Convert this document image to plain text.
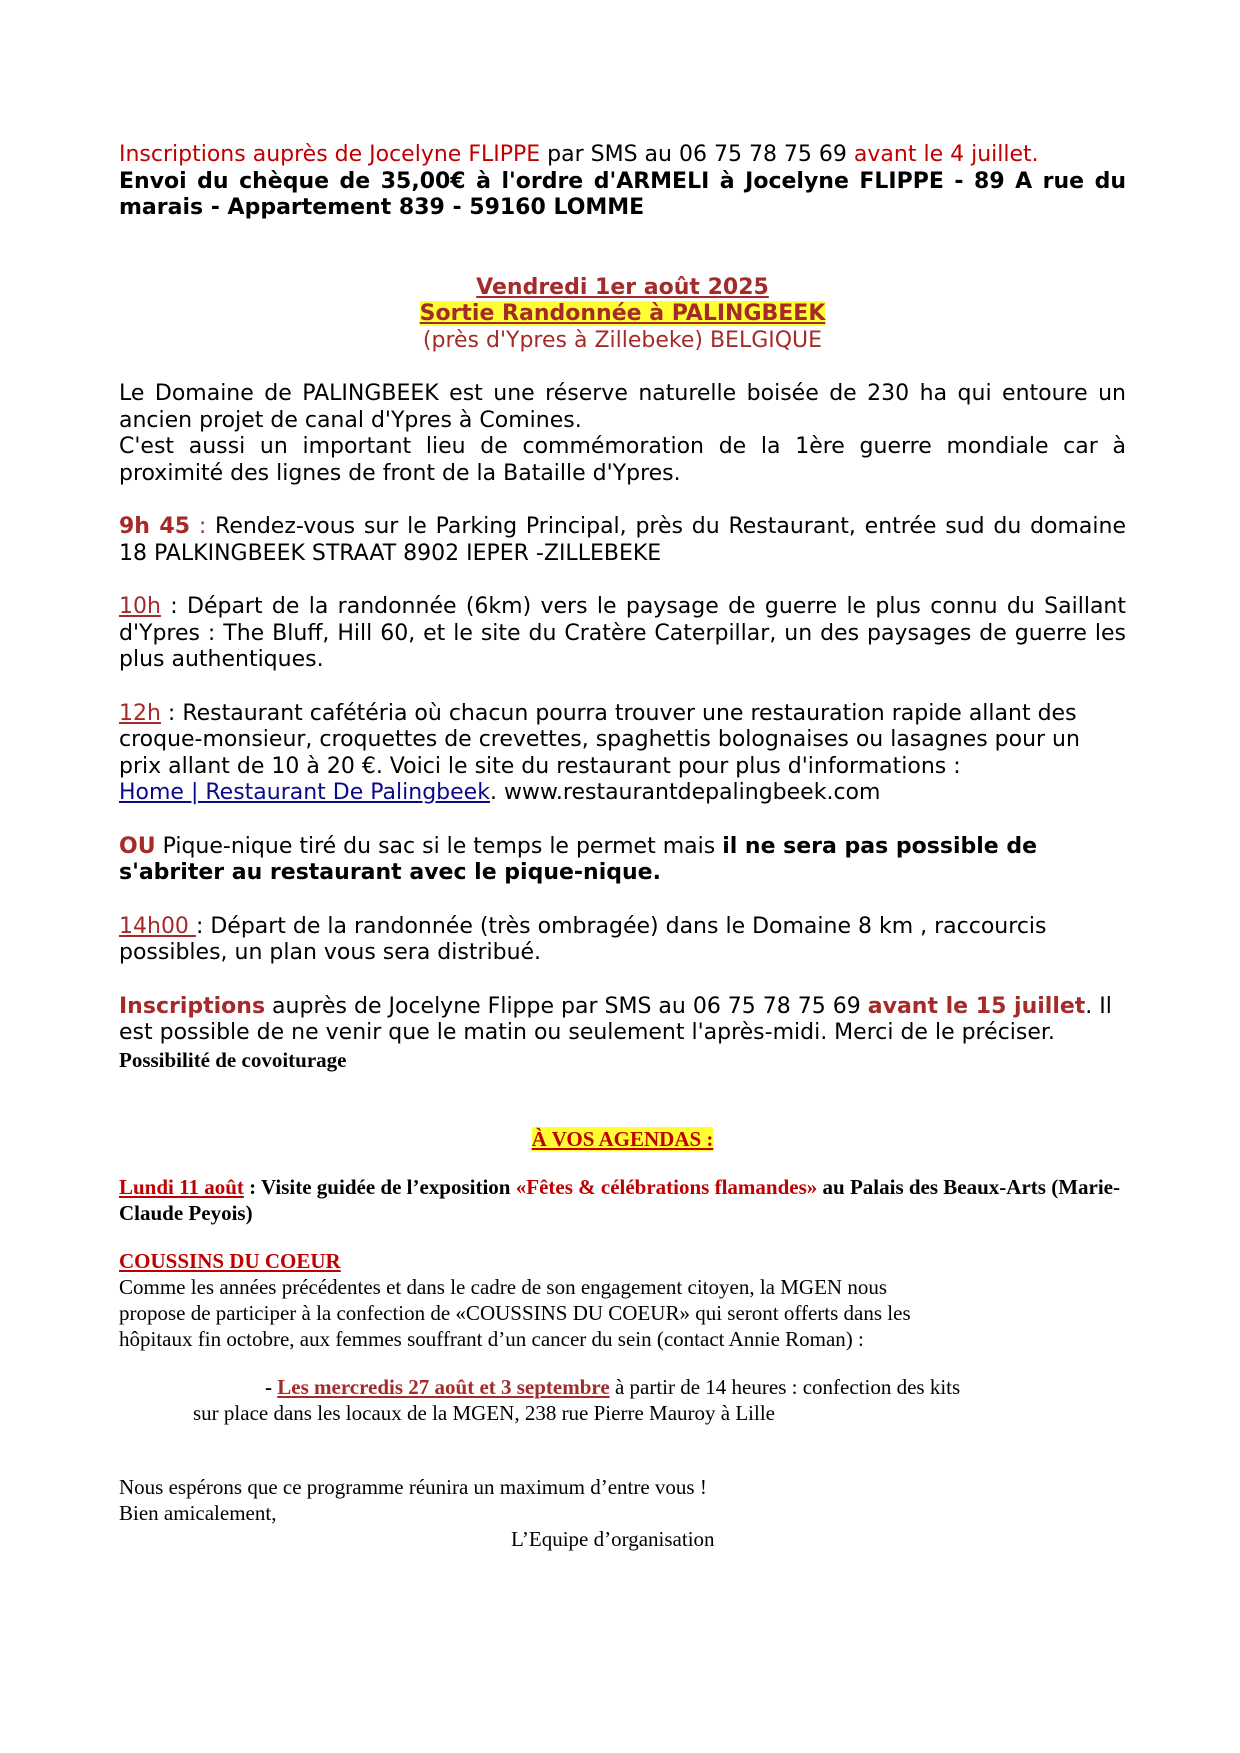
Inscriptions auprès de Jocelyne FLIPPE par SMS au 06 75 78 75 69 avant le 4 juillet.

Envoi du chèque de 35,00€ à l'ordre d'ARMELI à Jocelyne FLIPPE - 89 A rue du marais - Appartement 839 - 59160 LOMME

Vendredi 1er août 2025

Sortie Randonnée à PALINGBEEK

(près d'Ypres à Zillebeke) BELGIQUE

Le Domaine de PALINGBEEK est une réserve naturelle boisée de 230 ha qui entoure un ancien projet de canal d'Ypres à Comines.

C'est aussi un important lieu de commémoration de la 1ère guerre mondiale car à proximité des lignes de front de la Bataille d'Ypres.

9h 45 : Rendez-vous sur le Parking Principal, près du Restaurant, entrée sud du domaine 18 PALKINGBEEK STRAAT 8902 IEPER -ZILLEBEKE

10h : Départ de la randonnée (6km) vers le paysage de guerre le plus connu du Saillant d'Ypres : The Bluff, Hill 60, et le site du Cratère Caterpillar, un des paysages de guerre les plus authentiques.

12h : Restaurant cafétéria où chacun pourra trouver une restauration rapide allant des croque-monsieur, croquettes de crevettes, spaghettis bolognaises ou lasagnes pour un prix allant de 10 à 20 €. Voici le site du restaurant pour plus d'informations :
Home | Restaurant De Palingbeek. www.restaurantdepalingbeek.com

OU Pique-nique tiré du sac si le temps le permet mais il ne sera pas possible de s'abriter au restaurant avec le pique-nique.

14h00 : Départ de la randonnée (très ombragée) dans le Domaine 8 km , raccourcis possibles, un plan vous sera distribué.

Inscriptions auprès de Jocelyne Flippe par SMS au 06 75 78 75 69 avant le 15 juillet. Il est possible de ne venir que le matin ou seulement l'après-midi. Merci de le préciser.

Possibilité de covoiturage

À VOS AGENDAS :

Lundi 11 août : Visite guidée de l’exposition «Fêtes & célébrations flamandes» au Palais des Beaux-Arts (Marie-Claude Peyois)

COUSSINS DU COEUR

Comme les années précédentes et dans le cadre de son engagement citoyen, la MGEN nous

propose de participer à la confection de «COUSSINS DU COEUR» qui seront offerts dans les

hôpitaux fin octobre, aux femmes souffrant d’un cancer du sein (contact Annie Roman) :

- Les mercredis 27 août et 3 septembre à partir de 14 heures : confection des kits

sur place dans les locaux de la MGEN, 238 rue Pierre Mauroy à Lille

Nous espérons que ce programme réunira un maximum d’entre vous !

Bien amicalement,

L’Equipe d’organisation
